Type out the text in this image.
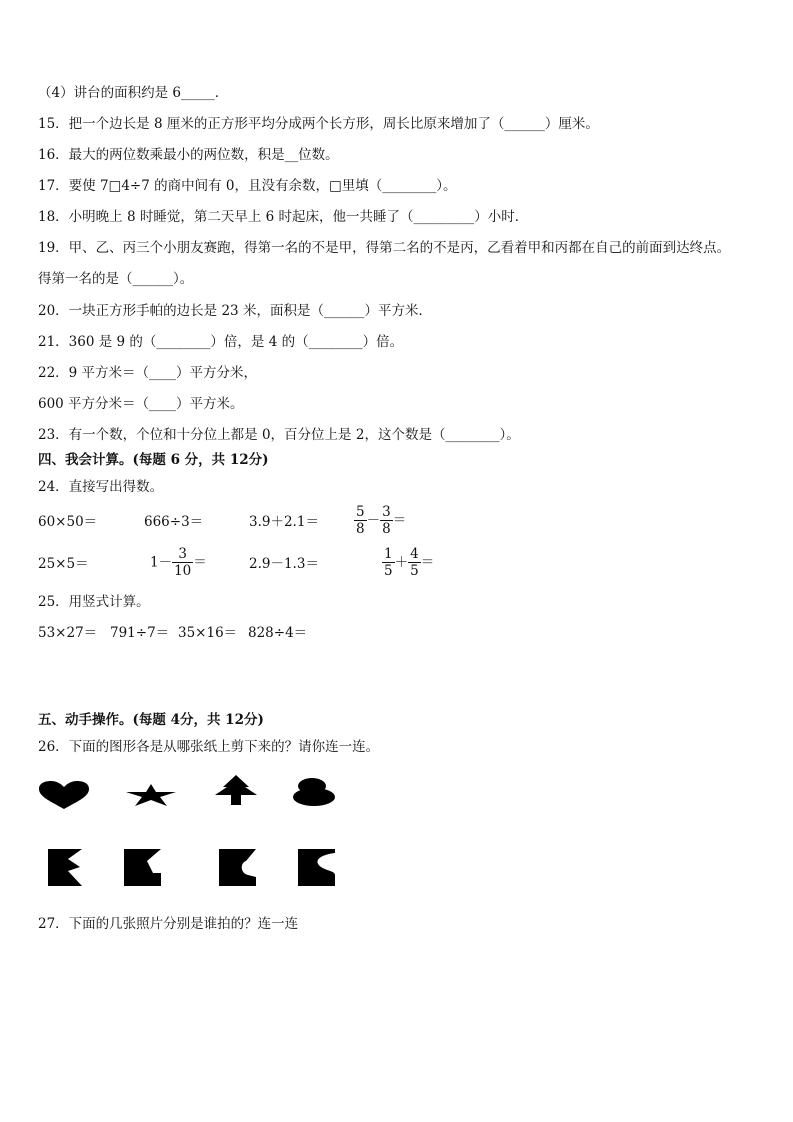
（4）讲台的面积约是 6_____．
15．把一个边长是 8 厘米的正方形平均分成两个长方形，周长比原来增加了（______）厘米。
16．最大的两位数乘最小的两位数，积是__位数。
17．要使 7□4÷7 的商中间有 0，且没有余数，□里填（________）。
18．小明晚上 8 时睡觉，第二天早上 6 时起床，他一共睡了（_________）小时．
19．甲、乙、丙三个小朋友赛跑，得第一名的不是甲，得第二名的不是丙，乙看着甲和丙都在自己的前面到达终点。
得第一名的是（______）。
20．一块正方形手帕的边长是 23 米，面积是（______）平方米．
21．360 是 9 的（________）倍，是 4 的（________）倍。
22．9 平方米＝（____）平方分米，
600 平方分米＝（____）平方米。
23．有一个数，个位和十分位上都是 0，百分位上是 2，这个数是（________）。
四、我会计算。(每题 6 分，共 12分)
24．直接写出得数。
60×50＝	666÷3＝	3.9＋2.1＝	$\frac{5}{8} - \frac{3}{8}$ ＝
25×5＝	$1- \frac{3}{10}$ ＝	2.9－1.3＝	$\frac{1}{5} + \frac{4}{5}$ ＝
25．用竖式计算。
53×27＝ 791÷7＝ 35×16＝ 828÷4＝
五、动手操作。(每题 4分，共 12分)
26．下面的图形各是从哪张纸上剪下来的？请你连一连。
27．下面的几张照片分别是谁拍的？连一连
